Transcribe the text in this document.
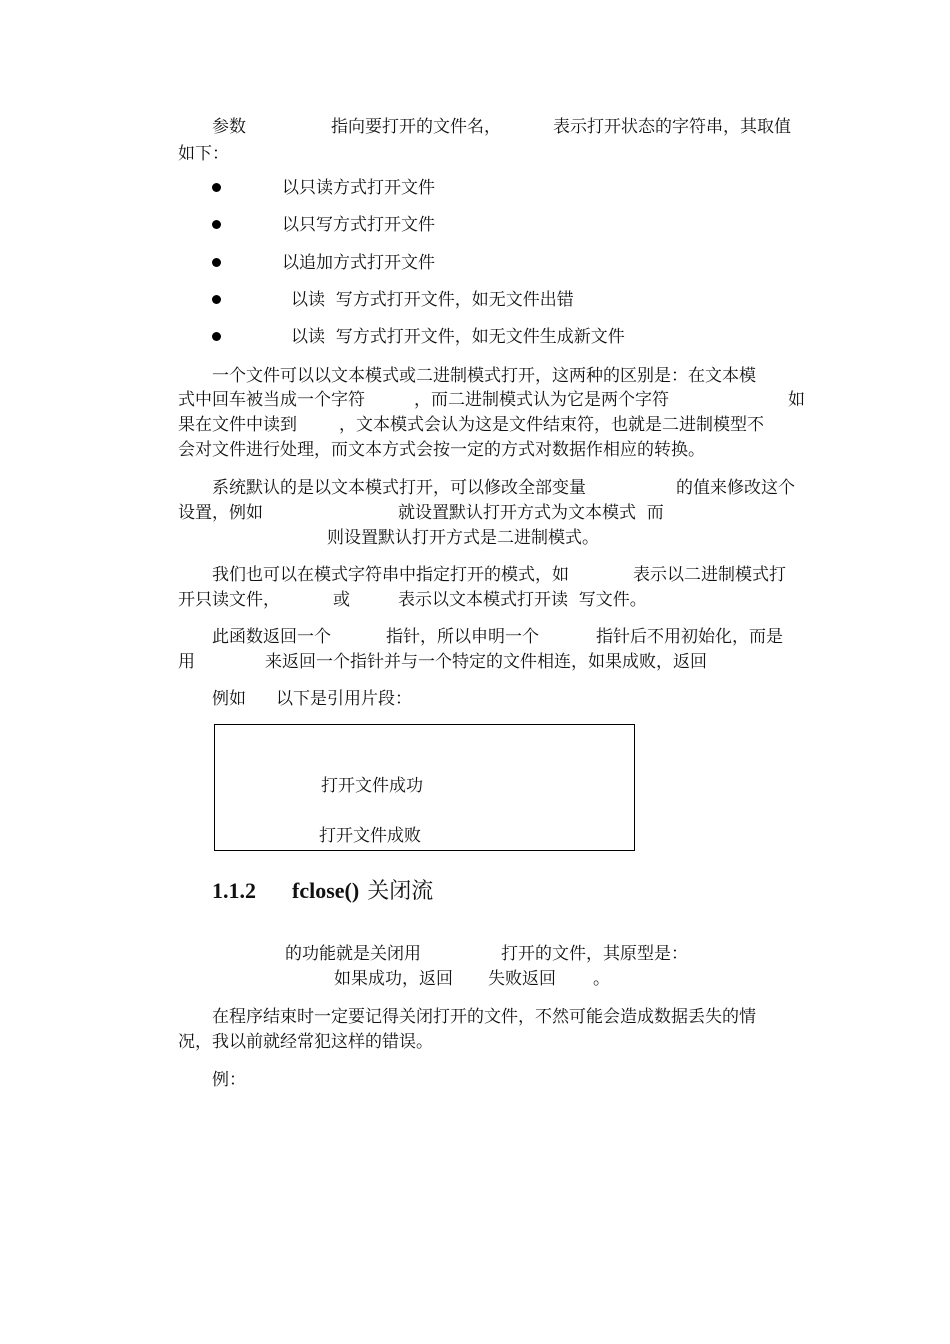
参数	指向要打开的文件名，	表示打开状态的字符串，其取值
如下：
以只读方式打开文件
以只写方式打开文件
以追加方式打开文件
以读  写方式打开文件，如无文件出错
以读  写方式打开文件，如无文件生成新文件
一个文件可以以文本模式或二进制模式打开，这两种的区别是：在文本模
式中回车被当成一个字符	，而二进制模式认为它是两个字符	如
果在文件中读到 ，文本模式会认为这是文件结束符，也就是二进制模型不
会对文件进行处理，而文本方式会按一定的方式对数据作相应的转换。
系统默认的是以文本模式打开，可以修改全部变量	的值来修改这个
设置，例如	就设置默认打开方式为文本模式  而
则设置默认打开方式是二进制模式。
我们也可以在模式字符串中指定打开的模式，如	表示以二进制模式打
开只读文件，	或	表示以文本模式打开读  写文件。
此函数返回一个	指针，所以申明一个	指针后不用初始化，而是
用	来返回一个指针并与一个特定的文件相连，如果成败，返回
例如 以下是引用片段：
打开文件成功
打开文件成败
1.1.2 fclose() 关闭流
的功能就是关闭用	打开的文件，其原型是：
如果成功，返回 失败返回 。
在程序结束时一定要记得关闭打开的文件，不然可能会造成数据丢失的情
况，我以前就经常犯这样的错误。
例：
